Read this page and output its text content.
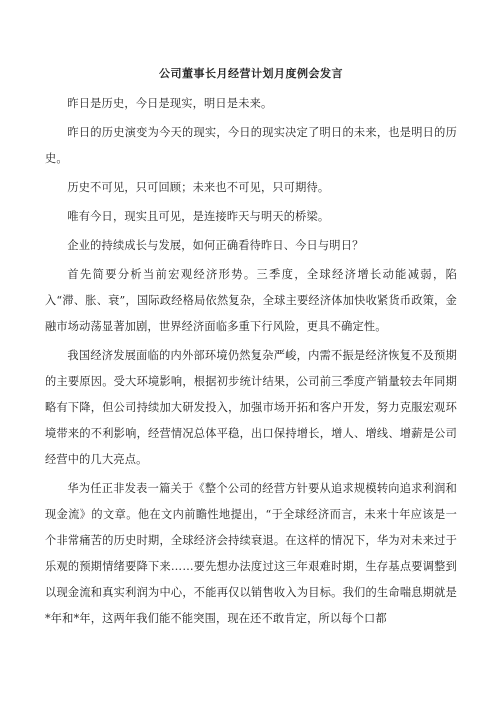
公司董事长月经营计划月度例会发言

昨日是历史，今日是现实，明日是未来。

昨日的历史演变为今天的现实，今日的现实决定了明日的未来，也是明日的历史。

历史不可见，只可回顾；未来也不可见，只可期待。

唯有今日，现实且可见，是连接昨天与明天的桥梁。

企业的持续成长与发展，如何正确看待昨日、今日与明日？

首先简要分析当前宏观经济形势。三季度，全球经济增长动能减弱，陷入“滞、胀、衰”，国际政经格局依然复杂，全球主要经济体加快收紧货币政策，金融市场动荡显著加剧，世界经济面临多重下行风险，更具不确定性。

我国经济发展面临的内外部环境仍然复杂严峻，内需不振是经济恢复不及预期的主要原因。受大环境影响，根据初步统计结果，公司前三季度产销量较去年同期略有下降，但公司持续加大研发投入，加强市场开拓和客户开发，努力克服宏观环境带来的不利影响，经营情况总体平稳，出口保持增长，增人、增线、增薪是公司经营中的几大亮点。

华为任正非发表一篇关于《整个公司的经营方针要从追求规模转向追求利润和现金流》的文章。他在文内前瞻性地提出，“于全球经济而言，未来十年应该是一个非常痛苦的历史时期，全球经济会持续衰退。在这样的情况下，华为对未来过于乐观的预期情绪要降下来……要先想办法度过这三年艰难时期，生存基点要调整到以现金流和真实利润为中心，不能再仅以销售收入为目标。我们的生命喘息期就是*年和*年，这两年我们能不能突围，现在还不敢肯定，所以每个口都
